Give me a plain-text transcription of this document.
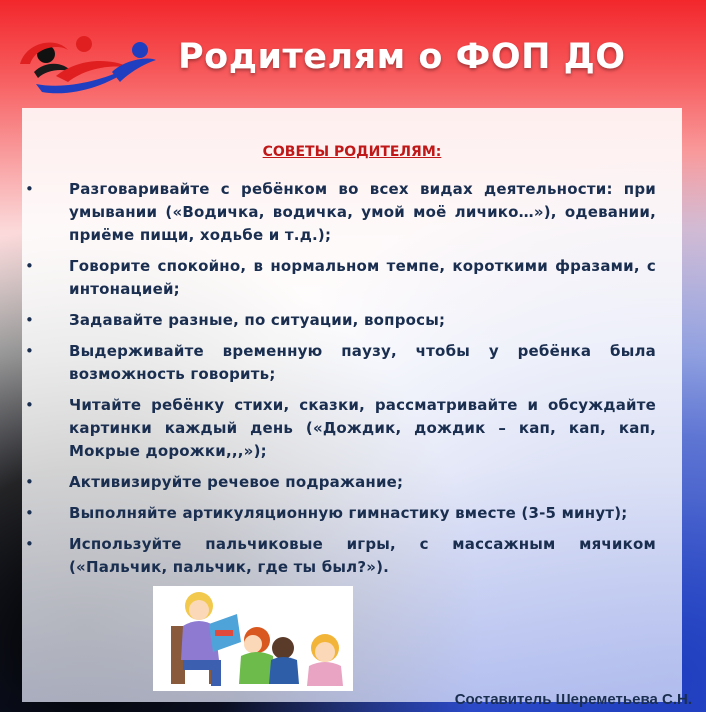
Родителям о ФОП ДО
СОВЕТЫ РОДИТЕЛЯМ:
• Разговаривайте с ребёнком во всех видах деятельности: при умывании («Водичка, водичка, умой моё личико…»), одевании, приёме пищи, ходьбе и т.д.);
• Говорите спокойно, в нормальном темпе, короткими фразами, с интонацией;
• Задавайте разные, по ситуации, вопросы;
• Выдерживайте временную паузу, чтобы у ребёнка была возможность говорить;
• Читайте ребёнку стихи, сказки, рассматривайте и обсуждайте картинки каждый день («Дождик, дождик – кап, кап, кап, Мокрые дорожки,,,»);
• Активизируйте речевое подражание;
• Выполняйте артикуляционную гимнастику вместе (3-5 минут);
• Используйте пальчиковые игры, с массажным мячиком («Пальчик, пальчик, где ты был?»).
Составитель Шереметьева С.Н.
